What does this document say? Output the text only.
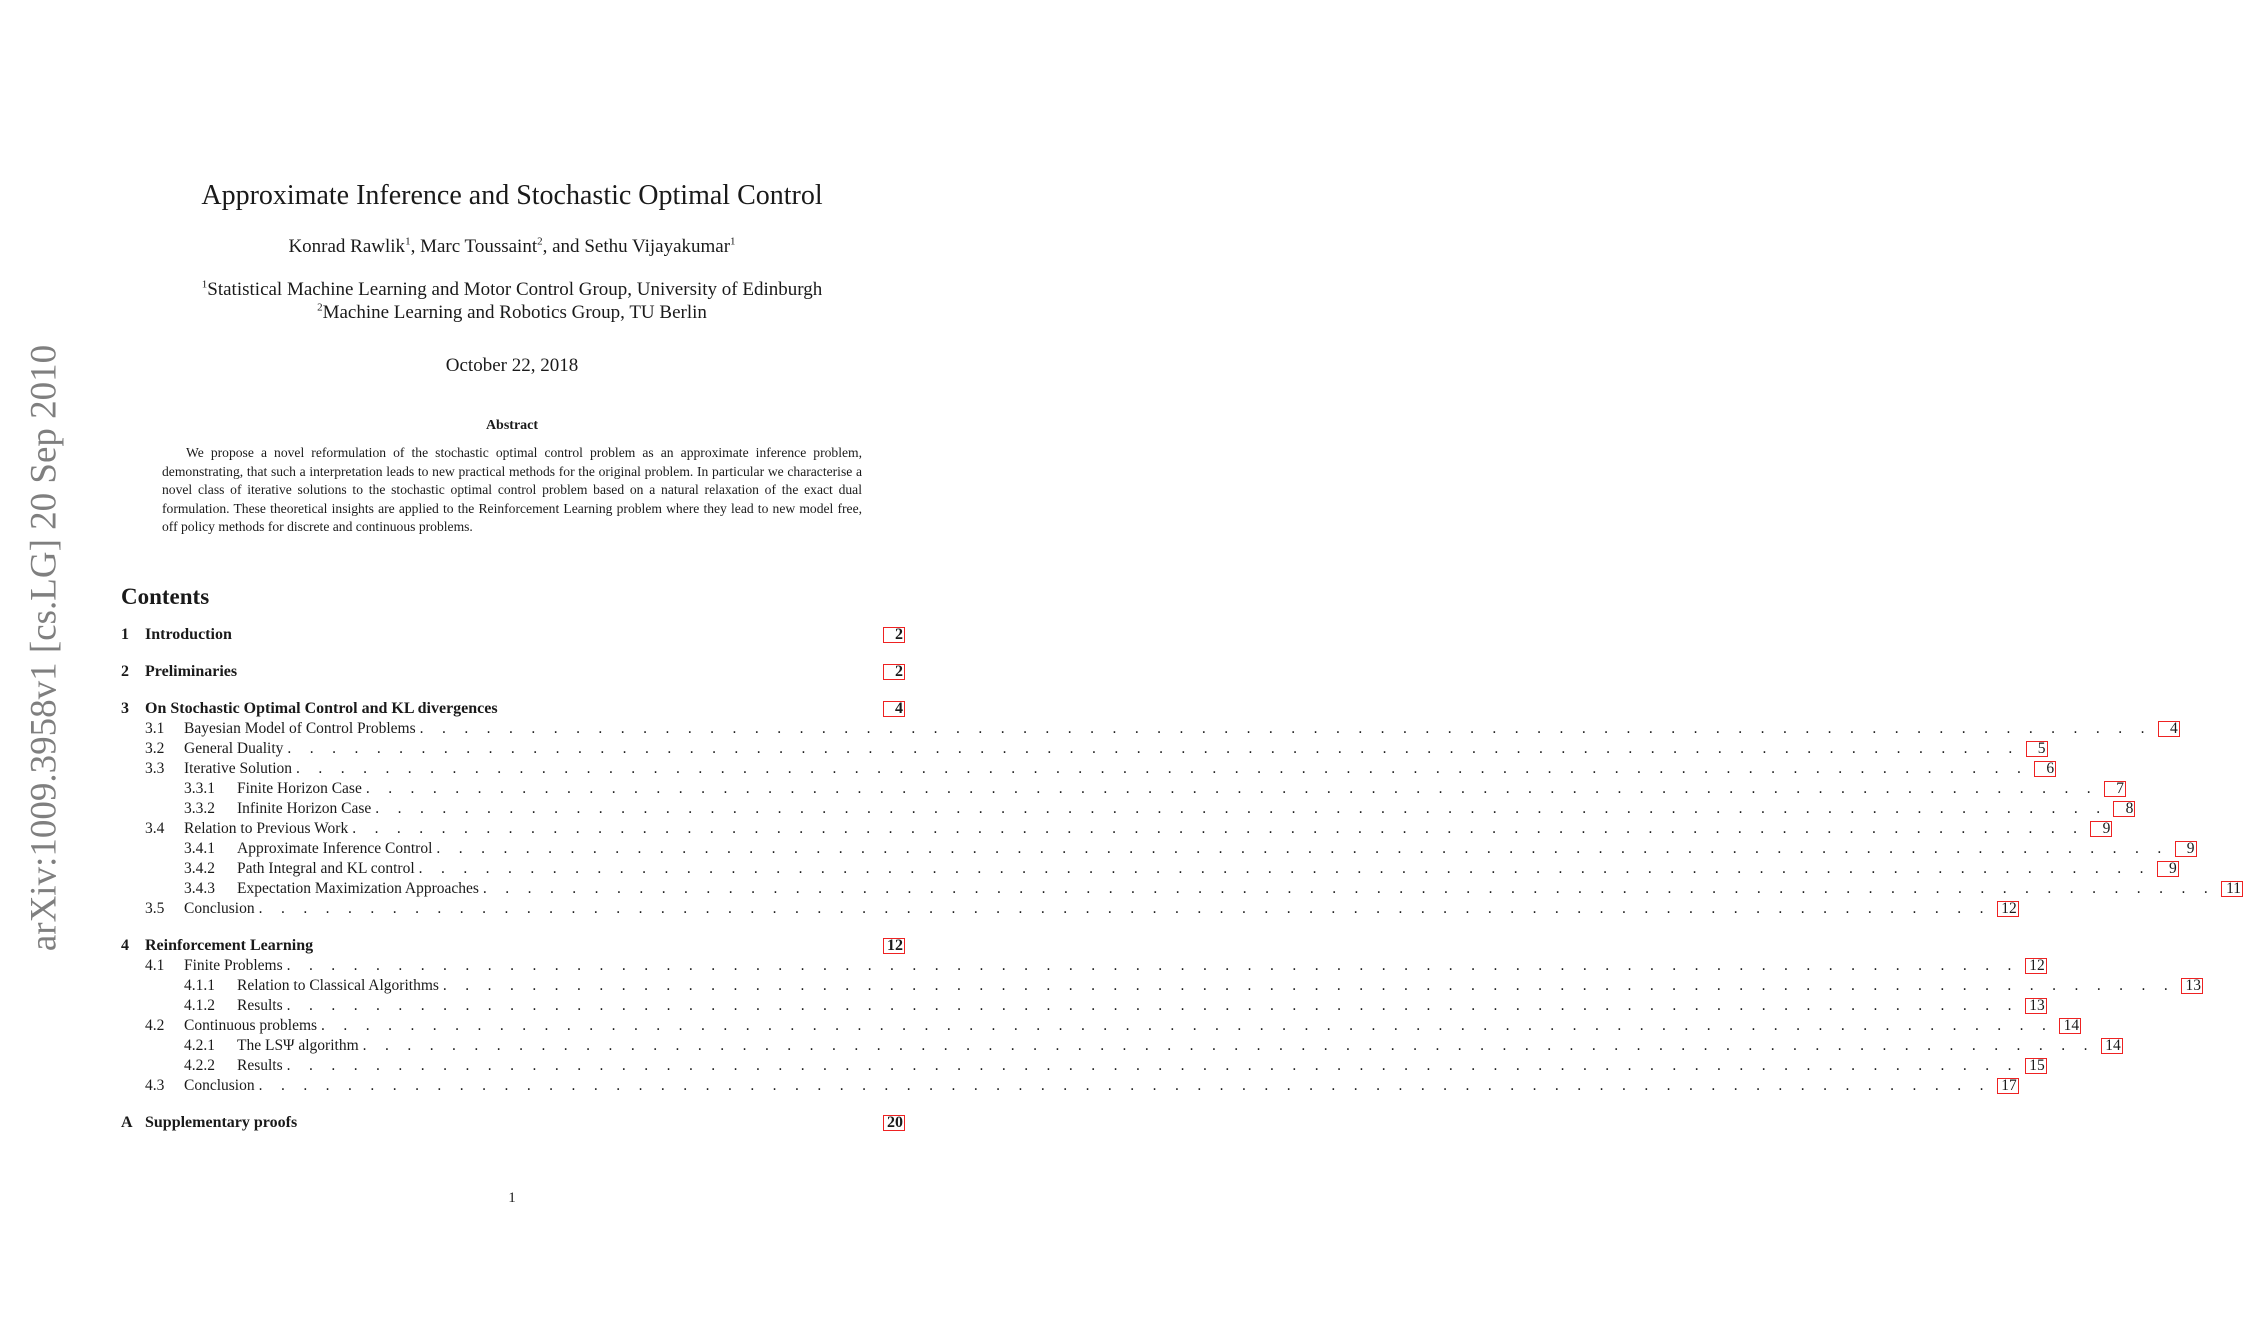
arXiv:1009.3958v1 [cs.LG] 20 Sep 2010
Approximate Inference and Stochastic Optimal Control
Konrad Rawlik$^1$, Marc Toussaint$^2$, and Sethu Vijayakumar$^1$
$^1$Statistical Machine Learning and Motor Control Group, University of Edinburgh
$^2$Machine Learning and Robotics Group, TU Berlin
October 22, 2018
Abstract
We propose a novel reformulation of the stochastic optimal control problem as an approximate inference problem, demonstrating, that such a interpretation leads to new practical methods for the original problem. In particular we characterise a novel class of iterative solutions to the stochastic optimal control problem based on a natural relaxation of the exact dual formulation. These theoretical insights are applied to the Reinforcement Learning problem where they lead to new model free, off policy methods for discrete and continuous problems.
Contents
1	Introduction	2
2	Preliminaries	2
3	On Stochastic Optimal Control and KL divergences	4
3.1	Bayesian Model of Control Problems . . . . . . . . . . . . . . . . . . . . . . . . . . . . . . . . . . . . . . . . . . . . . . . . . . . . . . . . . . . . . . . . . . . . . . . . . . . . . .	4
3.2	General Duality . . . . . . . . . . . . . . . . . . . . . . . . . . . . . . . . . . . . . . . . . . . . . . . . . . . . . . . . . . . . . . . . . . . . . . . . . . . . . .	5
3.3	Iterative Solution . . . . . . . . . . . . . . . . . . . . . . . . . . . . . . . . . . . . . . . . . . . . . . . . . . . . . . . . . . . . . . . . . . . . . . . . . . . . . .	6
3.3.1	Finite Horizon Case . . . . . . . . . . . . . . . . . . . . . . . . . . . . . . . . . . . . . . . . . . . . . . . . . . . . . . . . . . . . . . . . . . . . . . . . . . . . . .	7
3.3.2	Infinite Horizon Case . . . . . . . . . . . . . . . . . . . . . . . . . . . . . . . . . . . . . . . . . . . . . . . . . . . . . . . . . . . . . . . . . . . . . . . . . . . . . .	8
3.4	Relation to Previous Work . . . . . . . . . . . . . . . . . . . . . . . . . . . . . . . . . . . . . . . . . . . . . . . . . . . . . . . . . . . . . . . . . . . . . . . . . . . . . .	9
3.4.1	Approximate Inference Control . . . . . . . . . . . . . . . . . . . . . . . . . . . . . . . . . . . . . . . . . . . . . . . . . . . . . . . . . . . . . . . . . . . . . . . . . . . . . .	9
3.4.2	Path Integral and KL control . . . . . . . . . . . . . . . . . . . . . . . . . . . . . . . . . . . . . . . . . . . . . . . . . . . . . . . . . . . . . . . . . . . . . . . . . . . . . .	9
3.4.3	Expectation Maximization Approaches . . . . . . . . . . . . . . . . . . . . . . . . . . . . . . . . . . . . . . . . . . . . . . . . . . . . . . . . . . . . . . . . . . . . . . . . . . . . . . 11
3.5	Conclusion . . . . . . . . . . . . . . . . . . . . . . . . . . . . . . . . . . . . . . . . . . . . . . . . . . . . . . . . . . . . . . . . . . . . . . . . . . . . . . 12
4	Reinforcement Learning	12
4.1	Finite Problems . . . . . . . . . . . . . . . . . . . . . . . . . . . . . . . . . . . . . . . . . . . . . . . . . . . . . . . . . . . . . . . . . . . . . . . . . . . . . . 12
4.1.1	Relation to Classical Algorithms . . . . . . . . . . . . . . . . . . . . . . . . . . . . . . . . . . . . . . . . . . . . . . . . . . . . . . . . . . . . . . . . . . . . . . . . . . . . . . 13
4.1.2	Results . . . . . . . . . . . . . . . . . . . . . . . . . . . . . . . . . . . . . . . . . . . . . . . . . . . . . . . . . . . . . . . . . . . . . . . . . . . . . . 13
4.2	Continuous problems . . . . . . . . . . . . . . . . . . . . . . . . . . . . . . . . . . . . . . . . . . . . . . . . . . . . . . . . . . . . . . . . . . . . . . . . . . . . . . 14
4.2.1	The LSΨ algorithm . . . . . . . . . . . . . . . . . . . . . . . . . . . . . . . . . . . . . . . . . . . . . . . . . . . . . . . . . . . . . . . . . . . . . . . . . . . . . . 14
4.2.2	Results . . . . . . . . . . . . . . . . . . . . . . . . . . . . . . . . . . . . . . . . . . . . . . . . . . . . . . . . . . . . . . . . . . . . . . . . . . . . . . 15
4.3	Conclusion . . . . . . . . . . . . . . . . . . . . . . . . . . . . . . . . . . . . . . . . . . . . . . . . . . . . . . . . . . . . . . . . . . . . . . . . . . . . . . 17
A Supplementary proofs	20
1
